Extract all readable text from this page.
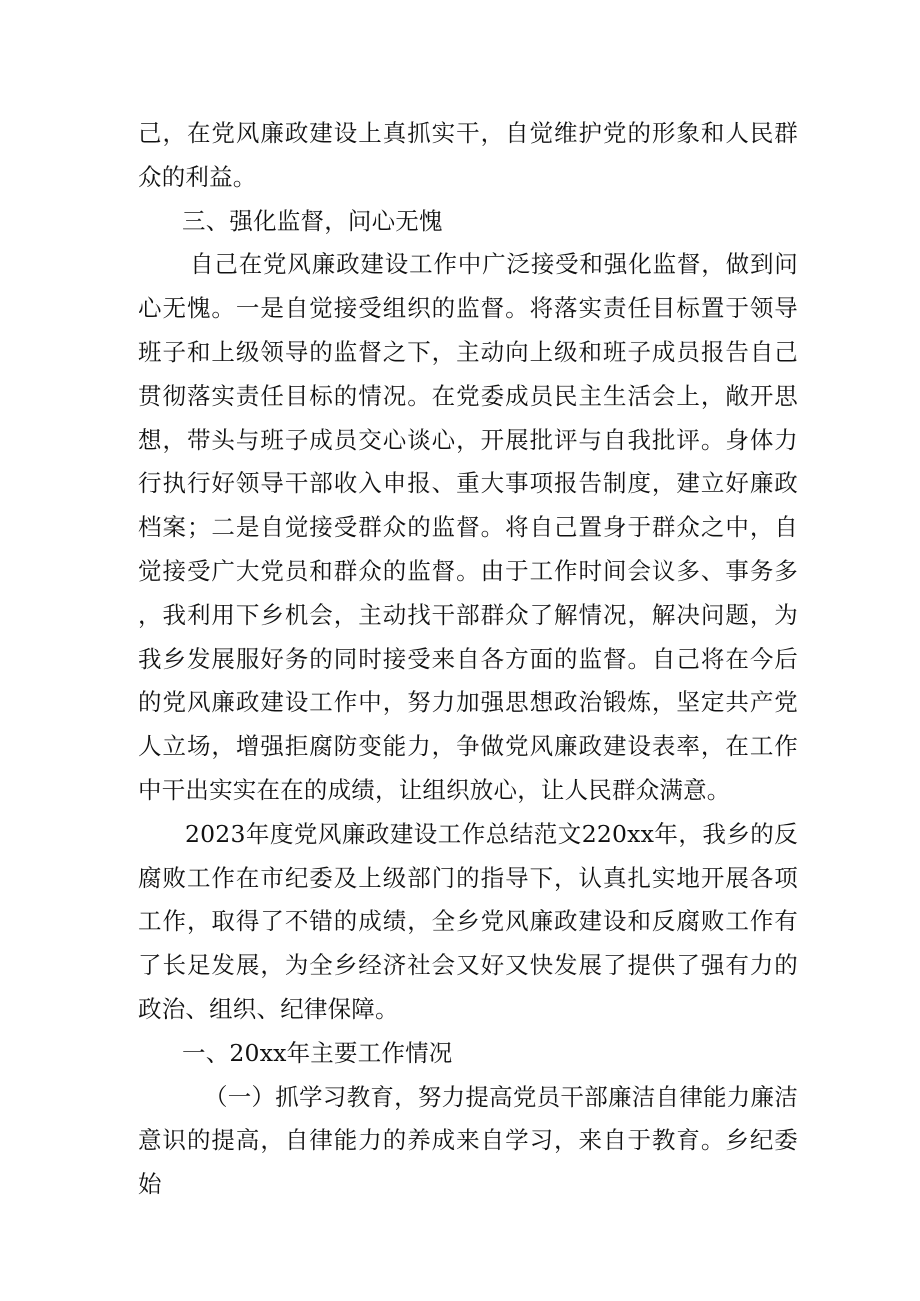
己，在党风廉政建设上真抓实干，自觉维护党的形象和人民群众的利益。

三、强化监督，问心无愧

自己在党风廉政建设工作中广泛接受和强化监督，做到问心无愧。一是自觉接受组织的监督。将落实责任目标置于领导班子和上级领导的监督之下，主动向上级和班子成员报告自己贯彻落实责任目标的情况。在党委成员民主生活会上，敞开思想，带头与班子成员交心谈心，开展批评与自我批评。身体力行执行好领导干部收入申报、重大事项报告制度，建立好廉政档案；二是自觉接受群众的监督。将自己置身于群众之中，自觉接受广大党员和群众的监督。由于工作时间会议多、事务多，我利用下乡机会，主动找干部群众了解情况，解决问题，为我乡发展服好务的同时接受来自各方面的监督。自己将在今后的党风廉政建设工作中，努力加强思想政治锻炼，坚定共产党人立场，增强拒腐防变能力，争做党风廉政建设表率，在工作中干出实实在在的成绩，让组织放心，让人民群众满意。

2023年度党风廉政建设工作总结范文220xx年，我乡的反腐败工作在市纪委及上级部门的指导下，认真扎实地开展各项工作，取得了不错的成绩，全乡党风廉政建设和反腐败工作有了长足发展，为全乡经济社会又好又快发展了提供了强有力的政治、组织、纪律保障。

一、20xx年主要工作情况

（一）抓学习教育，努力提高党员干部廉洁自律能力廉洁意识的提高，自律能力的养成来自学习，来自于教育。乡纪委始
